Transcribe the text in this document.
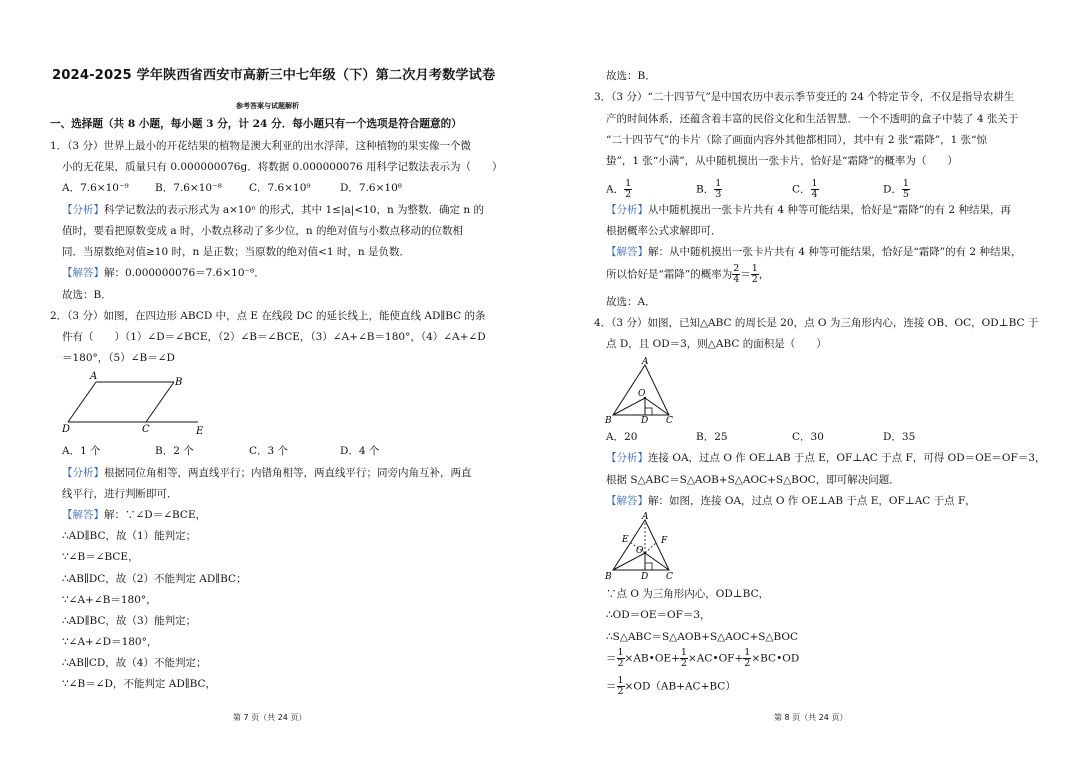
2024-2025 学年陕西省西安市高新三中七年级（下）第二次月考数学试卷
参考答案与试题解析
一、选择题（共 8 小题，每小题 3 分，计 24 分．每小题只有一个选项是符合题意的）
1．（3 分）世界上最小的开花结果的植物是澳大利亚的出水浮萍，这种植物的果实像一个微
小的无花果，质量只有 0.000000076g．将数据 0.000000076 用科学记数法表示为（　　）
A．7.6×10⁻⁹	B．7.6×10⁻⁸	C．7.6×10⁹	D．7.6×10⁸
【分析】科学记数法的表示形式为 a×10ⁿ 的形式，其中 1≤|a|<10，n 为整数．确定 n 的
值时，要看把原数变成 a 时，小数点移动了多少位，n 的绝对值与小数点移动的位数相
同．当原数绝对值≥10 时，n 是正数；当原数的绝对值<1 时，n 是负数．
【解答】解：0.000000076＝7.6×10⁻⁸．
故选：B．
2．（3 分）如图，在四边形 ABCD 中，点 E 在线段 DC 的延长线上，能使直线 AD∥BC 的条
件有（　　）（1）∠D＝∠BCE，（2）∠B＝∠BCE，（3）∠A+∠B＝180°，（4）∠A+∠D
＝180°，（5）∠B＝∠D
A
B
C
D	E
A．1 个	B．2 个	C．3 个	D．4 个
【分析】根据同位角相等，两直线平行；内错角相等，两直线平行；同旁内角互补，两直
线平行，进行判断即可．
【解答】解：∵∠D＝∠BCE，
∴AD∥BC，故（1）能判定；
∵∠B＝∠BCE，
∴AB∥DC，故（2）不能判定 AD∥BC；
∵∠A+∠B＝180°，
∴AD∥BC，故（3）能判定；
∵∠A+∠D＝180°，
∴AB∥CD，故（4）不能判定；
∵∠B＝∠D，不能判定 AD∥BC，
第 7 页（共 24 页）
故选：B．
3．（3 分）“二十四节气”是中国农历中表示季节变迁的 24 个特定节令，不仅是指导农耕生
产的时间体系，还蕴含着丰富的民俗文化和生活智慧．一个不透明的盒子中装了 4 张关于
“二十四节气”的卡片（除了画面内容外其他都相同），其中有 2 张“霜降”，1 张“惊
蛰”，1 张“小满”，从中随机摸出一张卡片，恰好是“霜降”的概率为（　　）
A． $\frac{1}{2}$	B． $\frac{1}{3}$	C． $\frac{1}{4}$	D． $\frac{1}{5}$
【分析】从中随机摸出一张卡片共有 4 种等可能结果，恰好是“霜降”的有 2 种结果，再
根据概率公式求解即可．
【解答】解：从中随机摸出一张卡片共有 4 种等可能结果，恰好是“霜降”的有 2 种结果，
所以恰好是“霜降”的概率为 $\frac{2}{4} = \frac{1}{2}$ ，
故选：A．
4．（3 分）如图，已知△ABC 的周长是 20，点 O 为三角形内心，连接 OB、OC，OD⊥BC 于
点 D，且 OD＝3，则△ABC 的面积是（　　）
A
O
B	D C
A．20	B．25	C．30	D．35
【分析】连接 OA，过点 O 作 OE⊥AB 于点 E，OF⊥AC 于点 F，可得 OD＝OE＝OF＝3，
根据 S△ABC＝S△AOB+S△AOC+S△BOC，即可解决问题．
【解答】解：如图，连接 OA，过点 O 作 OE⊥AB 于点 E，OF⊥AC 于点 F，
A
E	F
O
B	D C
∵点 O 为三角形内心，OD⊥BC，
∴OD＝OE＝OF＝3，
∴S△ABC＝S△AOB+S△AOC+S△BOC
＝ $\frac{1}{2}$ ×AB•OE+ $\frac{1}{2}$ ×AC•OF+ $\frac{1}{2}$ ×BC•OD
＝ $\frac{1}{2} \times OD(AB+AC+BC)$
第 8 页（共 24 页）
